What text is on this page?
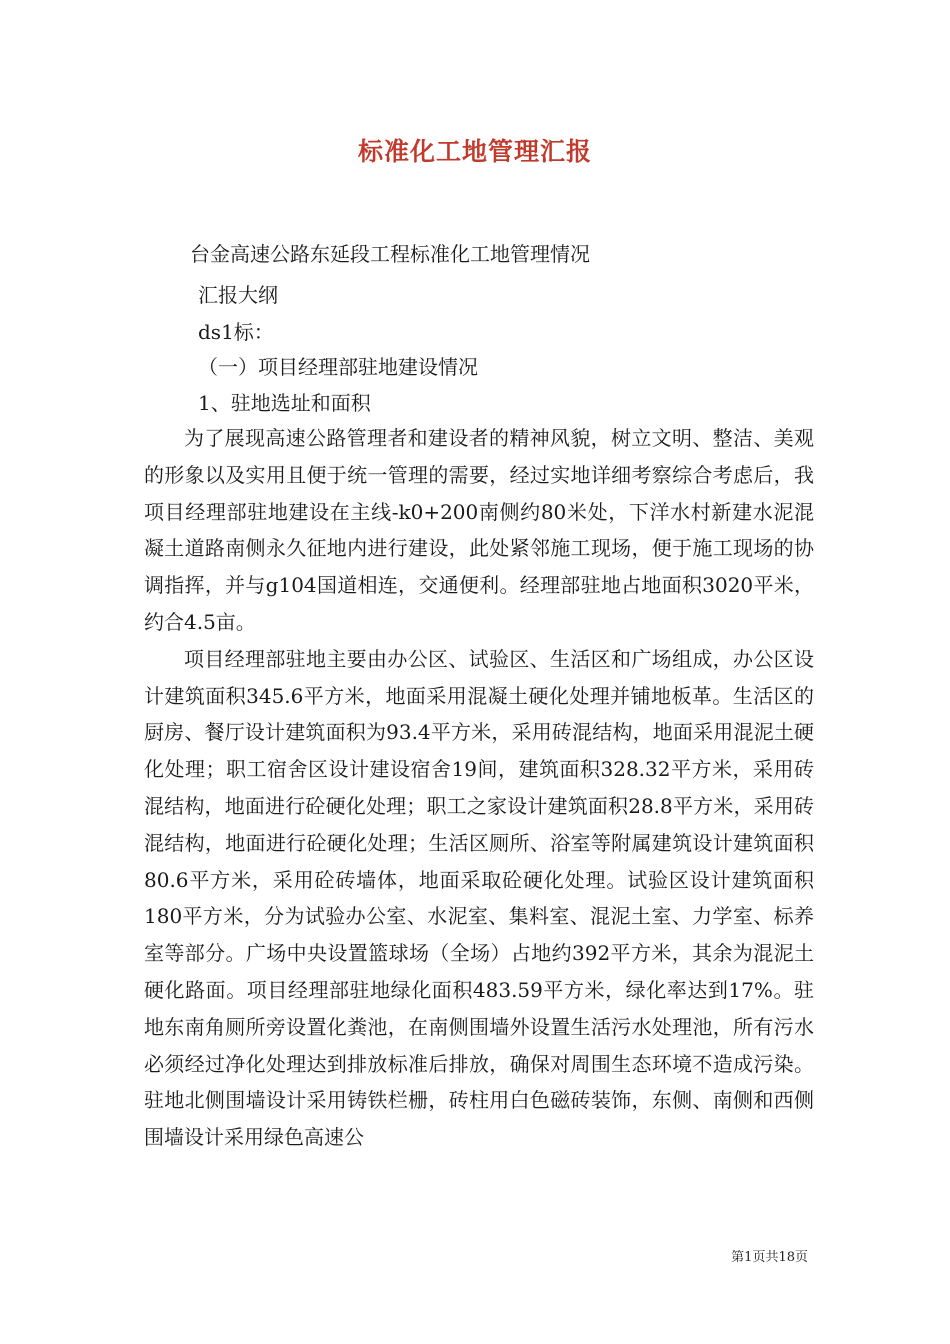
标准化工地管理汇报
台金高速公路东延段工程标准化工地管理情况
汇报大纲
ds1标：
（一）项目经理部驻地建设情况
1、驻地选址和面积

为了展现高速公路管理者和建设者的精神风貌，树立文明、整洁、美观的形象以及实用且便于统一管理的需要，经过实地详细考察综合考虑后，我项目经理部驻地建设在主线-k0+200南侧约80米处，下洋水村新建水泥混凝土道路南侧永久征地内进行建设，此处紧邻施工现场，便于施工现场的协调指挥，并与g104国道相连，交通便利。经理部驻地占地面积3020平米，约合4.5亩。

项目经理部驻地主要由办公区、试验区、生活区和广场组成，办公区设计建筑面积345.6平方米，地面采用混凝土硬化处理并铺地板革。生活区的厨房、餐厅设计建筑面积为93.4平方米，采用砖混结构，地面采用混泥土硬化处理；职工宿舍区设计建设宿舍19间，建筑面积328.32平方米，采用砖混结构，地面进行砼硬化处理；职工之家设计建筑面积28.8平方米，采用砖混结构，地面进行砼硬化处理；生活区厕所、浴室等附属建筑设计建筑面积80.6平方米，采用砼砖墙体，地面采取砼硬化处理。试验区设计建筑面积180平方米，分为试验办公室、水泥室、集料室、混泥土室、力学室、标养室等部分。广场中央设置篮球场（全场）占地约392平方米，其余为混泥土硬化路面。项目经理部驻地绿化面积483.59平方米，绿化率达到17%。驻地东南角厕所旁设置化粪池，在南侧围墙外设置生活污水处理池，所有污水必须经过净化处理达到排放标准后排放，确保对周围生态环境不造成污染。驻地北侧围墙设计采用铸铁栏栅，砖柱用白色磁砖装饰，东侧、南侧和西侧围墙设计采用绿色高速公

第1页共18页
